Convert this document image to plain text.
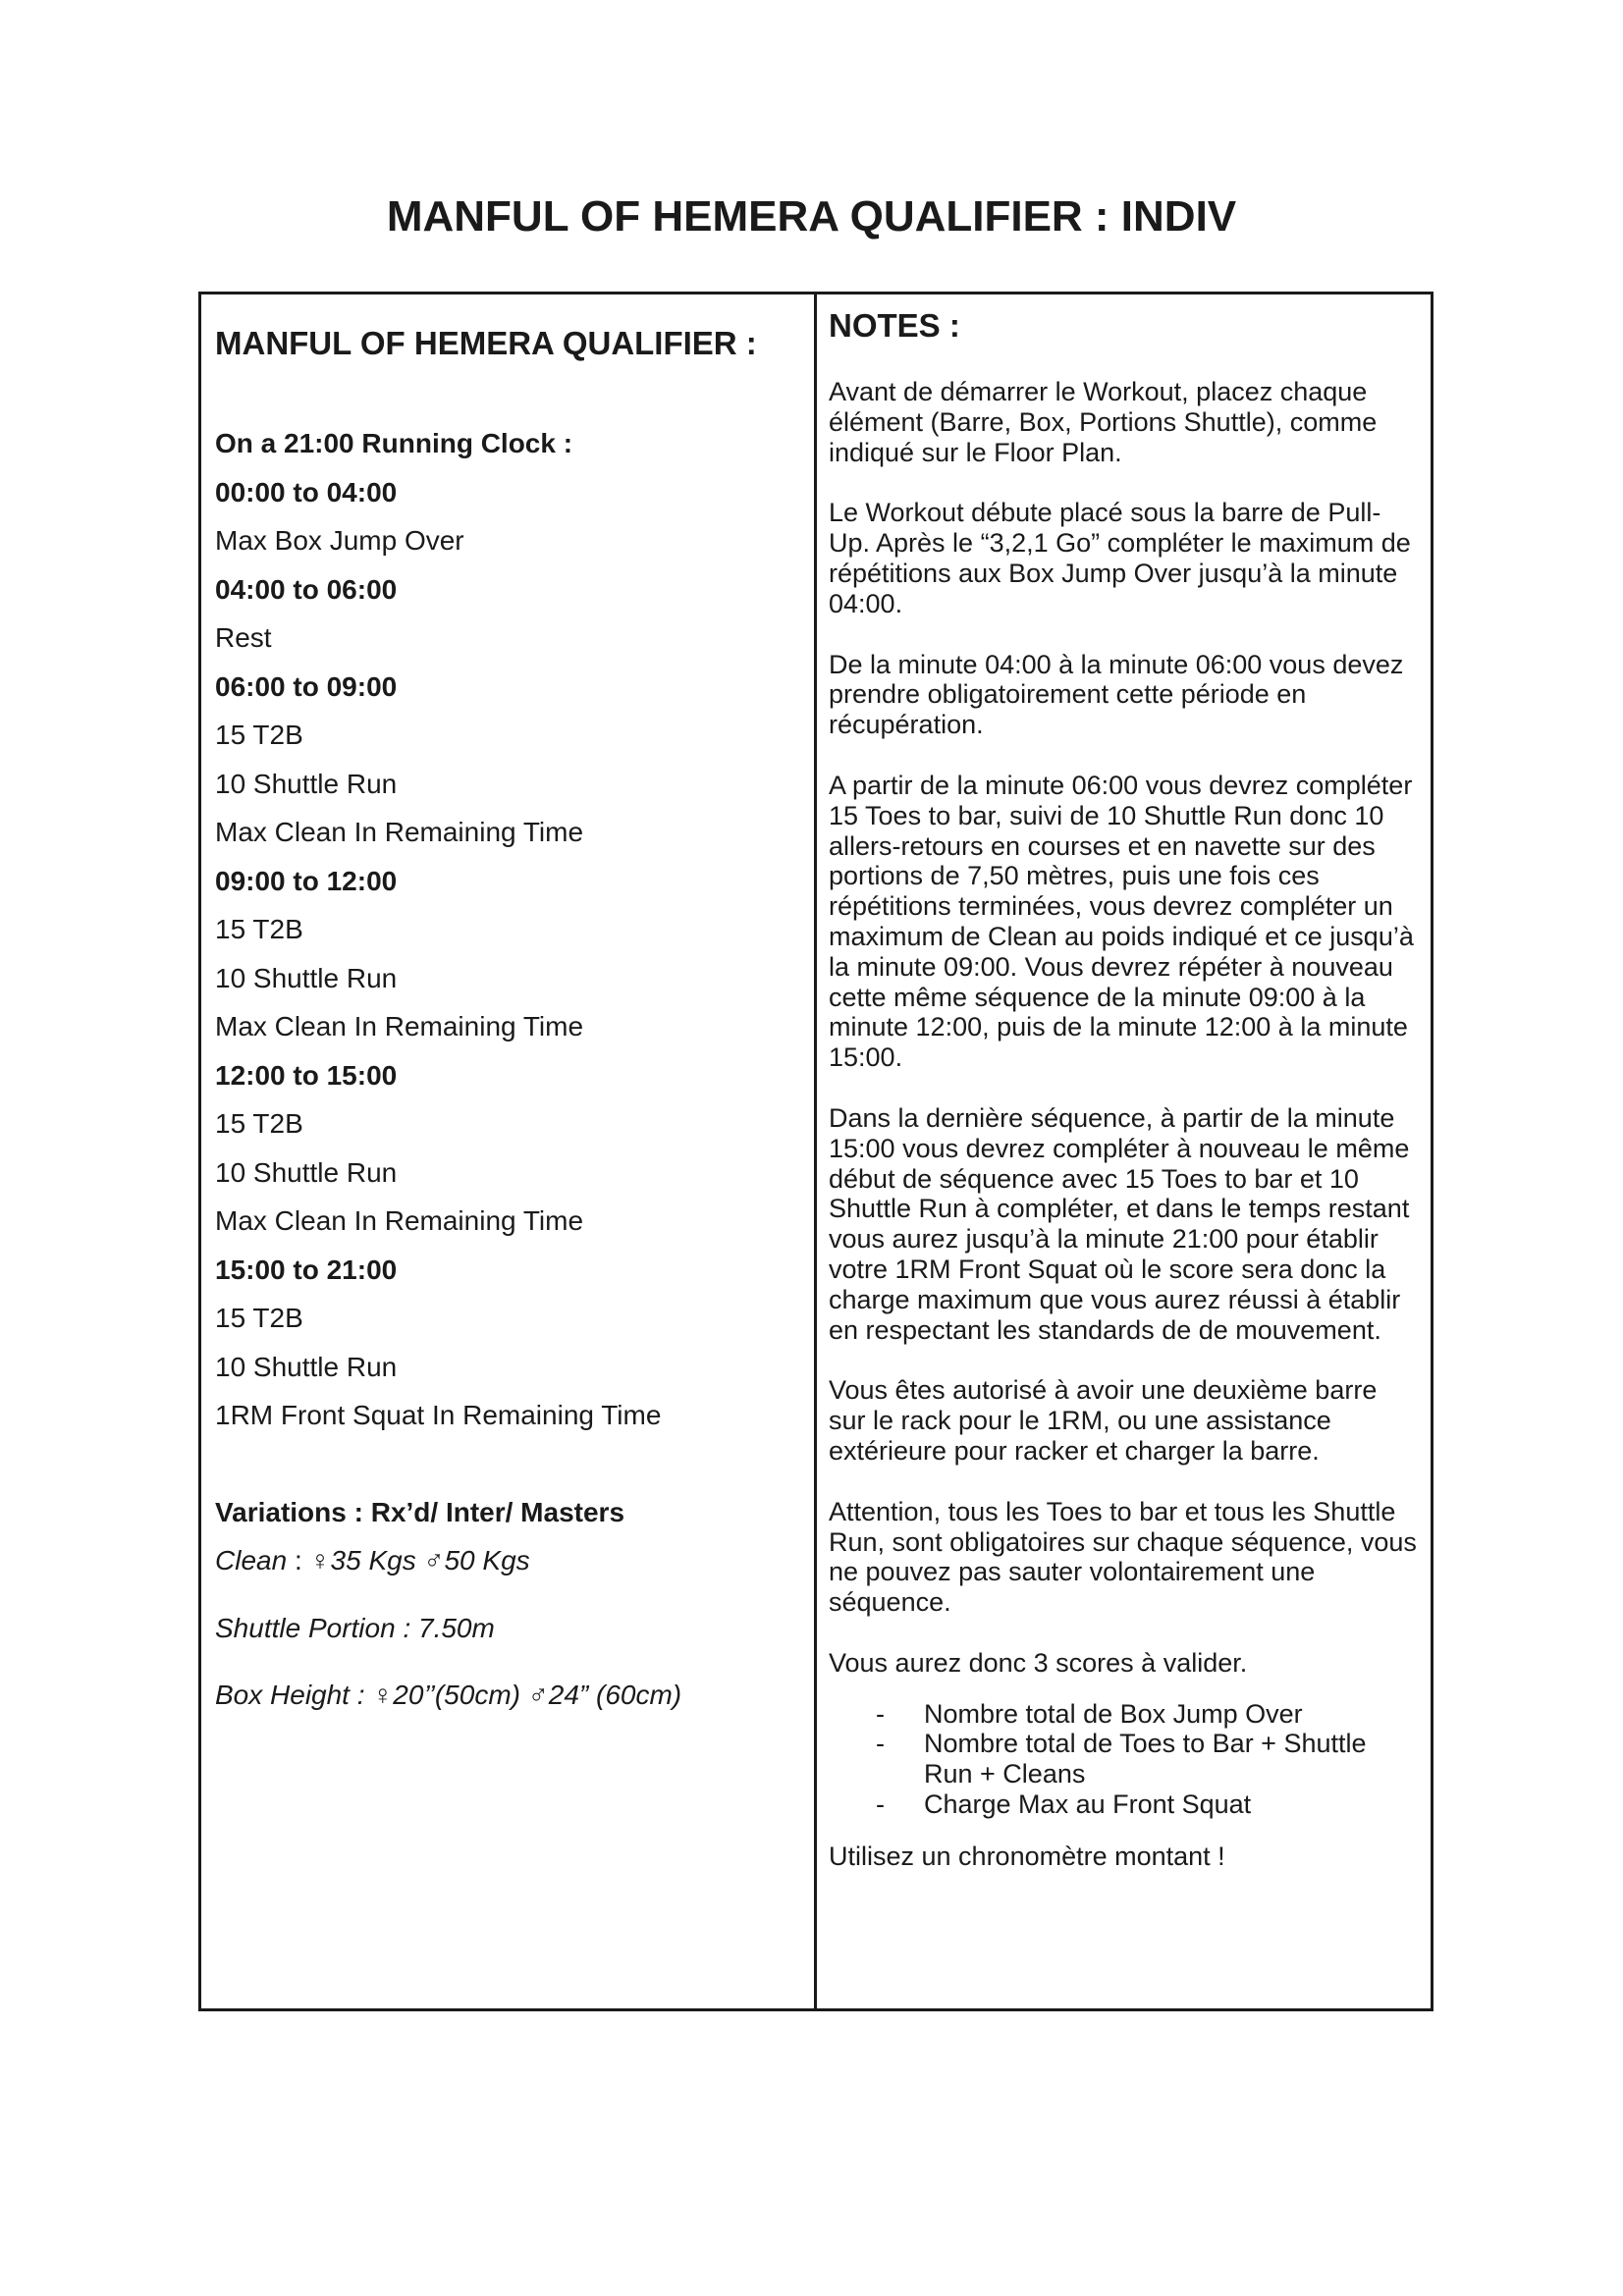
MANFUL OF HEMERA QUALIFIER : INDIV
MANFUL OF HEMERA QUALIFIER :
On a 21:00 Running Clock :
00:00 to 04:00
Max Box Jump Over
04:00 to 06:00
Rest
06:00 to 09:00
15 T2B
10 Shuttle Run
Max Clean In Remaining Time
09:00 to 12:00
15 T2B
10 Shuttle Run
Max Clean In Remaining Time
12:00 to 15:00
15 T2B
10 Shuttle Run
Max Clean In Remaining Time
15:00 to 21:00
15 T2B
10 Shuttle Run
1RM Front Squat In Remaining Time
Variations : Rx’d/ Inter/ Masters
Clean : ♀35 Kgs ♂50 Kgs
Shuttle Portion : 7.50m
Box Height : ♀20’’(50cm) ♂24” (60cm)
NOTES :

Avant de démarrer le Workout, placez chaque élément (Barre, Box, Portions Shuttle), comme indiqué sur le Floor Plan.

Le Workout débute placé sous la barre de Pull-Up. Après le “3,2,1 Go” compléter le maximum de répétitions aux Box Jump Over jusqu’à la minute 04:00.

De la minute 04:00 à la minute 06:00 vous devez prendre obligatoirement cette période en récupération.

A partir de la minute 06:00 vous devrez compléter 15 Toes to bar, suivi de 10 Shuttle Run donc 10 allers-retours en courses et en navette sur des portions de 7,50 mètres, puis une fois ces répétitions terminées, vous devrez compléter un maximum de Clean au poids indiqué et ce jusqu’à la minute 09:00. Vous devrez répéter à nouveau cette même séquence de la minute 09:00 à la minute 12:00, puis de la minute 12:00 à la minute 15:00.

Dans la dernière séquence, à partir de la minute 15:00 vous devrez compléter à nouveau le même début de séquence avec 15 Toes to bar et 10 Shuttle Run à compléter, et dans le temps restant vous aurez jusqu’à la minute 21:00 pour établir votre 1RM Front Squat où le score sera donc la charge maximum que vous aurez réussi à établir en respectant les standards de de mouvement.

Vous êtes autorisé à avoir une deuxième barre sur le rack pour le 1RM, ou une assistance extérieure pour racker et charger la barre.

Attention, tous les Toes to bar et tous les Shuttle Run, sont obligatoires sur chaque séquence, vous ne pouvez pas sauter volontairement une séquence.

Vous aurez donc 3 scores à valider.

- Nombre total de Box Jump Over
- Nombre total de Toes to Bar + Shuttle Run + Cleans
- Charge Max au Front Squat

Utilisez un chronomètre montant !
